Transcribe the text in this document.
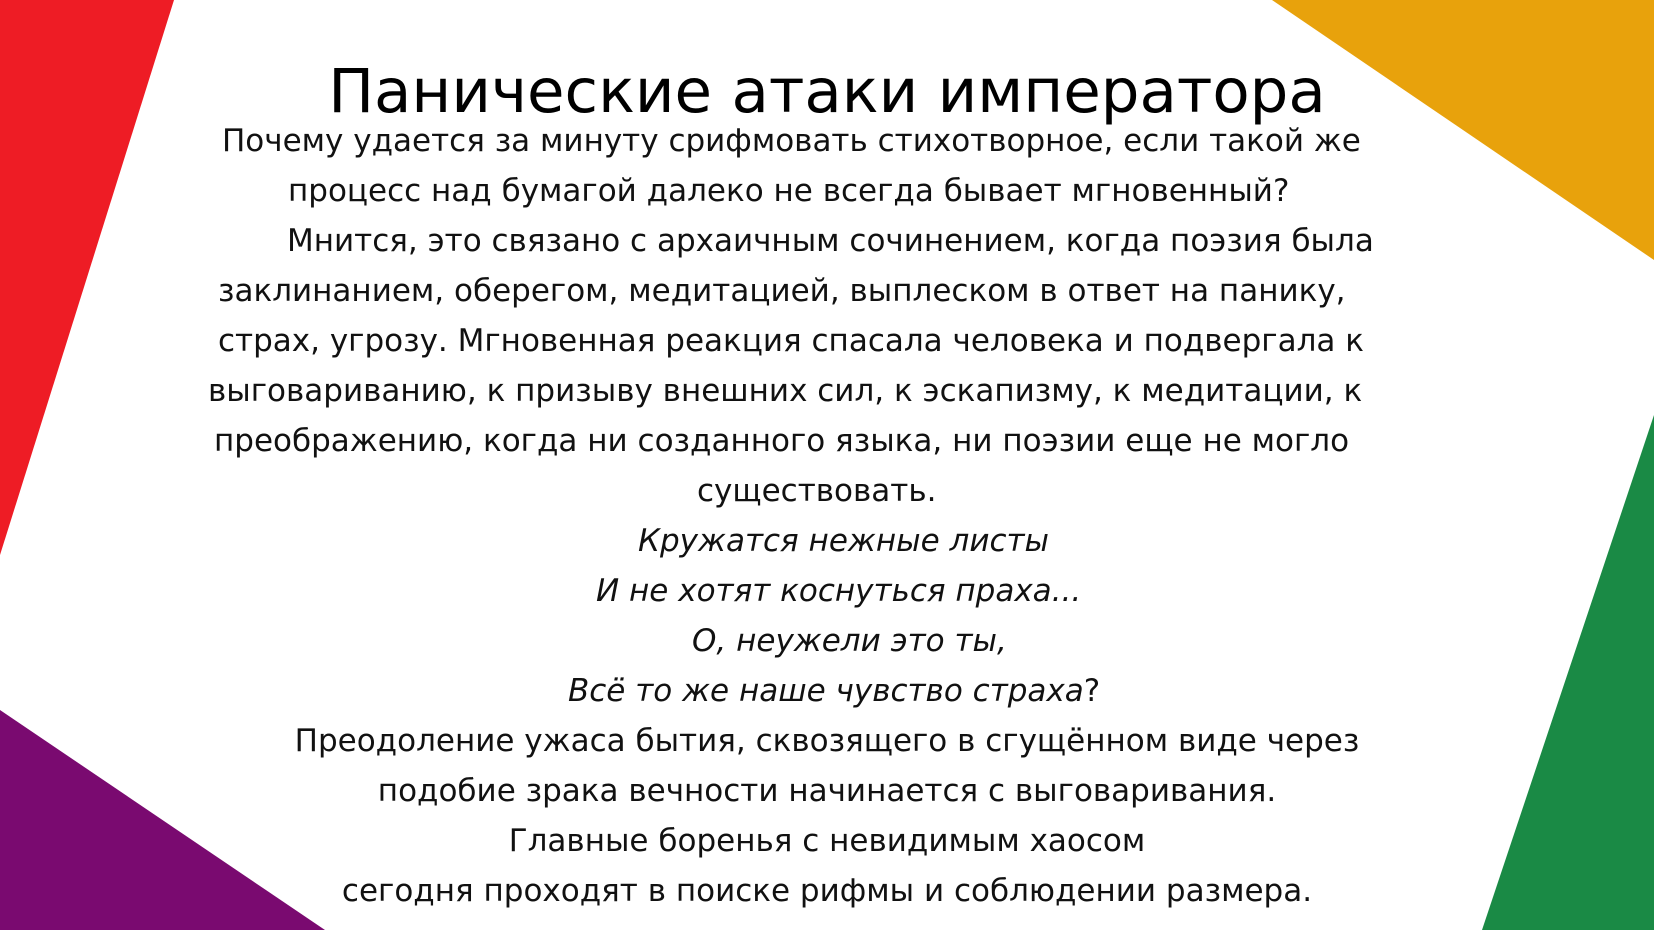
Панические атаки императора
Почему удается за минуту срифмовать стихотворное, если такой же
процесс над бумагой далеко не всегда бывает мгновенный?
Мнится, это связано с архаичным сочинением, когда поэзия была
заклинанием, оберегом, медитацией, выплеском в ответ на панику,
страх, угрозу. Мгновенная реакция спасала человека и подвергала к
выговариванию, к призыву внешних сил, к эскапизму, к медитации, к
преображению, когда ни созданного языка, ни поэзии еще не могло
существовать.
Кружатся нежные листы
И не хотят коснуться праха...
О, неужели это ты,
Всё то же наше чувство страха?
Преодоление ужаса бытия, сквозящего в сгущённом виде через
подобие зрака вечности начинается с выговаривания.
Главные боренья с невидимым хаосом
сегодня проходят в поиске рифмы и соблюдении размера.
